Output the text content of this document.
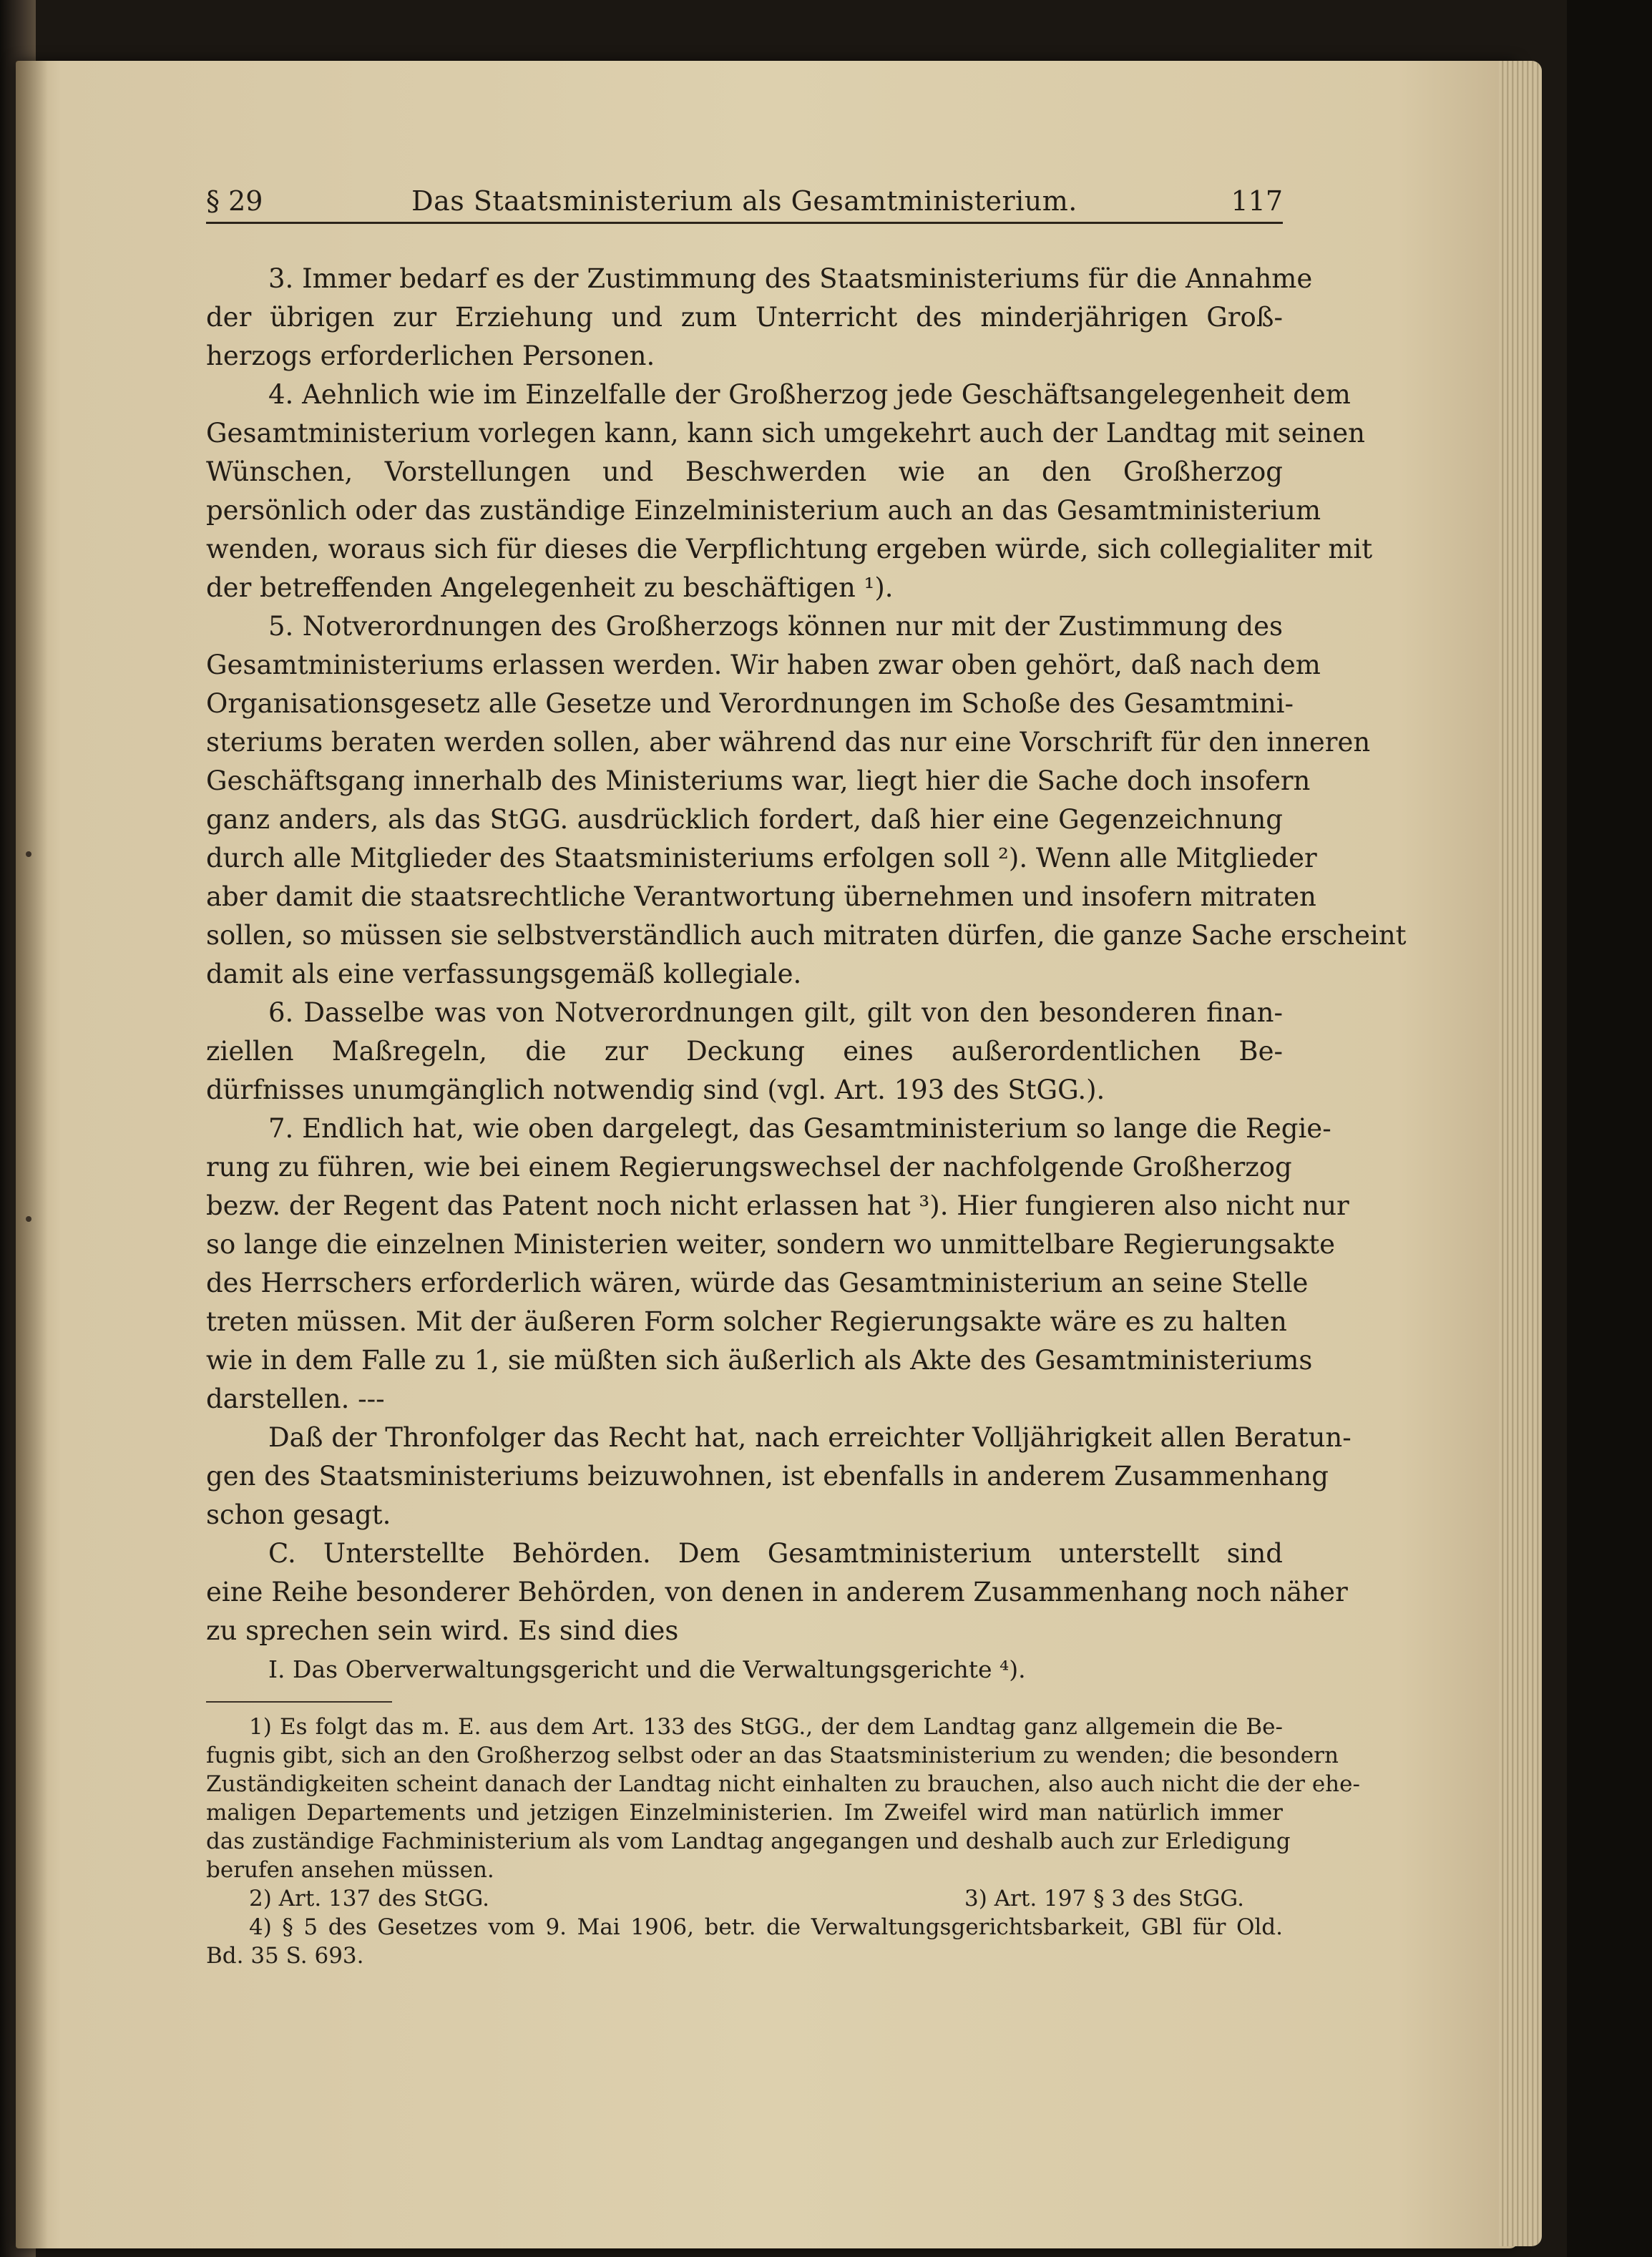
Das Staatsministerium als Gesamtministerium.
§ 29	117
3. Immer bedarf es der Zustimmung des Staatsministeriums für die Annahme
der übrigen zur Erziehung und zum Unterricht des minderjährigen Groß-
herzogs erforderlichen Personen.
4. Aehnlich wie im Einzelfalle der Großherzog jede Geschäftsangelegenheit dem
Gesamtministerium vorlegen kann, kann sich umgekehrt auch der Landtag mit seinen
Wünschen, Vorstellungen und Beschwerden wie an den Großherzog
persönlich oder das zuständige Einzelministerium auch an das Gesamtministerium
wenden, woraus sich für dieses die Verpflichtung ergeben würde, sich collegialiter mit
der betreffenden Angelegenheit zu beschäftigen ¹).
5. Notverordnungen des Großherzogs können nur mit der Zustimmung des
Gesamtministeriums erlassen werden. Wir haben zwar oben gehört, daß nach dem
Organisationsgesetz alle Gesetze und Verordnungen im Schoße des Gesamtmini-
steriums beraten werden sollen, aber während das nur eine Vorschrift für den inneren
Geschäftsgang innerhalb des Ministeriums war, liegt hier die Sache doch insofern
ganz anders, als das StGG. ausdrücklich fordert, daß hier eine Gegenzeichnung
durch alle Mitglieder des Staatsministeriums erfolgen soll ²). Wenn alle Mitglieder
aber damit die staatsrechtliche Verantwortung übernehmen und insofern mitraten
sollen, so müssen sie selbstverständlich auch mitraten dürfen, die ganze Sache erscheint
damit als eine verfassungsgemäß kollegiale.
6. Dasselbe was von Notverordnungen gilt, gilt von den besonderen finan-
ziellen Maßregeln, die zur Deckung eines außerordentlichen Be-
dürfnisses unumgänglich notwendig sind (vgl. Art. 193 des StGG.).
7. Endlich hat, wie oben dargelegt, das Gesamtministerium so lange die Regie-
rung zu führen, wie bei einem Regierungswechsel der nachfolgende Großherzog
bezw. der Regent das Patent noch nicht erlassen hat ³). Hier fungieren also nicht nur
so lange die einzelnen Ministerien weiter, sondern wo unmittelbare Regierungsakte
des Herrschers erforderlich wären, würde das Gesamtministerium an seine Stelle
treten müssen. Mit der äußeren Form solcher Regierungsakte wäre es zu halten
wie in dem Falle zu 1, sie müßten sich äußerlich als Akte des Gesamtministeriums
darstellen. ---
Daß der Thronfolger das Recht hat, nach erreichter Volljährigkeit allen Beratun-
gen des Staatsministeriums beizuwohnen, ist ebenfalls in anderem Zusammenhang
schon gesagt.
C. Unterstellte Behörden. Dem Gesamtministerium unterstellt sind
eine Reihe besonderer Behörden, von denen in anderem Zusammenhang noch näher
zu sprechen sein wird. Es sind dies
I. Das Oberverwaltungsgericht und die Verwaltungsgerichte ⁴).
1) Es folgt das m. E. aus dem Art. 133 des StGG., der dem Landtag ganz allgemein die Be-
fugnis gibt, sich an den Großherzog selbst oder an das Staatsministerium zu wenden; die besondern
Zuständigkeiten scheint danach der Landtag nicht einhalten zu brauchen, also auch nicht die der ehe-
maligen Departements und jetzigen Einzelministerien. Im Zweifel wird man natürlich immer
das zuständige Fachministerium als vom Landtag angegangen und deshalb auch zur Erledigung
berufen ansehen müssen.
2) Art. 137 des StGG.	3) Art. 197 § 3 des StGG.
4) § 5 des Gesetzes vom 9. Mai 1906, betr. die Verwaltungsgerichtsbarkeit, GBl für Old.
Bd. 35 S. 693.
